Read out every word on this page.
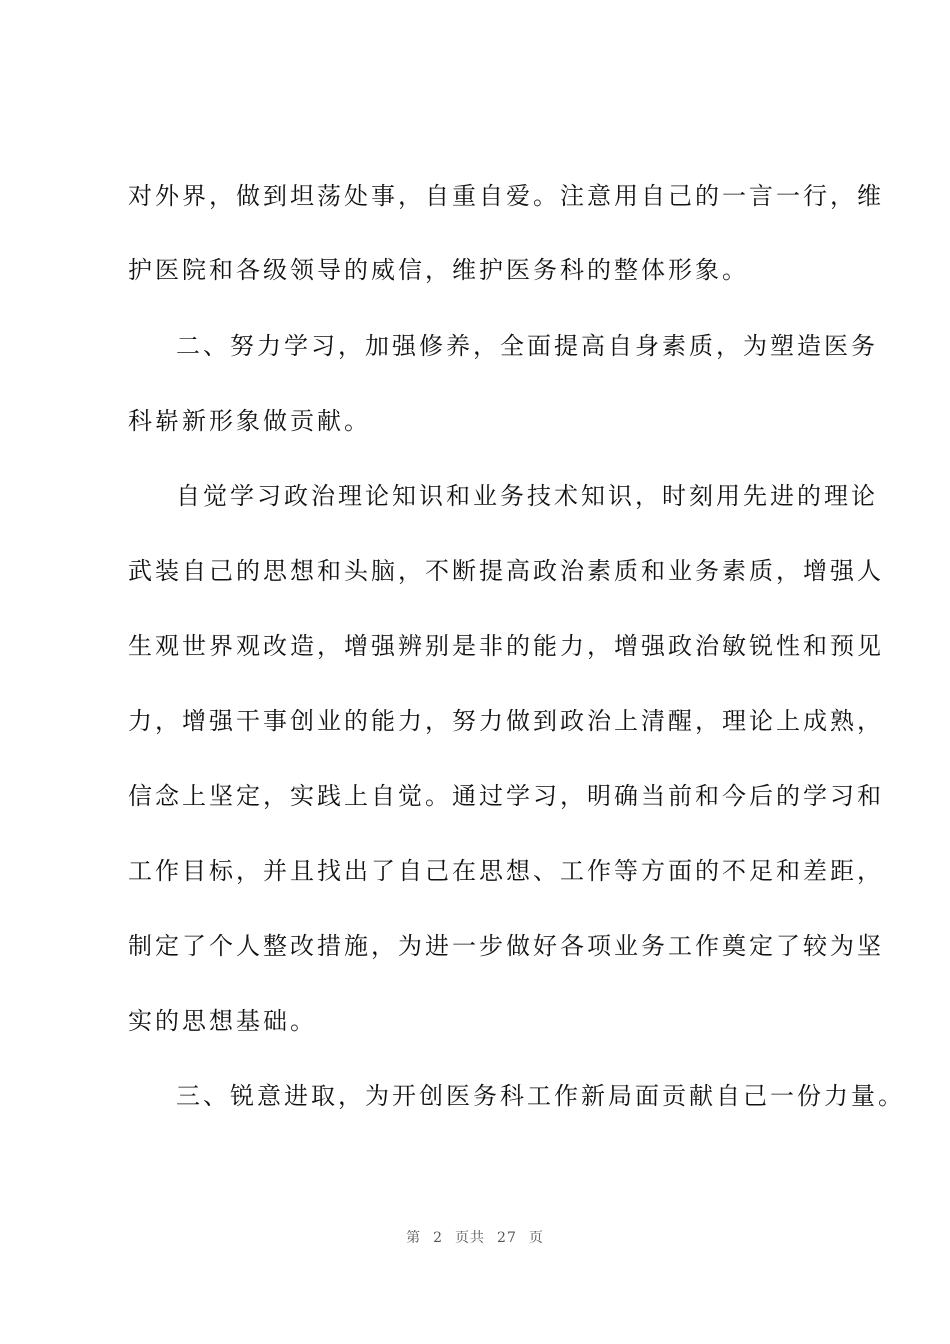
对外界，做到坦荡处事，自重自爱。注意用自己的一言一行，维
护医院和各级领导的威信，维护医务科的整体形象。
二、努力学习，加强修养，全面提高自身素质，为塑造医务
科崭新形象做贡献。
自觉学习政治理论知识和业务技术知识，时刻用先进的理论
武装自己的思想和头脑，不断提高政治素质和业务素质，增强人
生观世界观改造，增强辨别是非的能力，增强政治敏锐性和预见
力，增强干事创业的能力，努力做到政治上清醒，理论上成熟，
信念上坚定，实践上自觉。通过学习，明确当前和今后的学习和
工作目标，并且找出了自己在思想、工作等方面的不足和差距，
制定了个人整改措施，为进一步做好各项业务工作奠定了较为坚
实的思想基础。
三、锐意进取，为开创医务科工作新局面贡献自己一份力量。
第 2 页共 27 页
